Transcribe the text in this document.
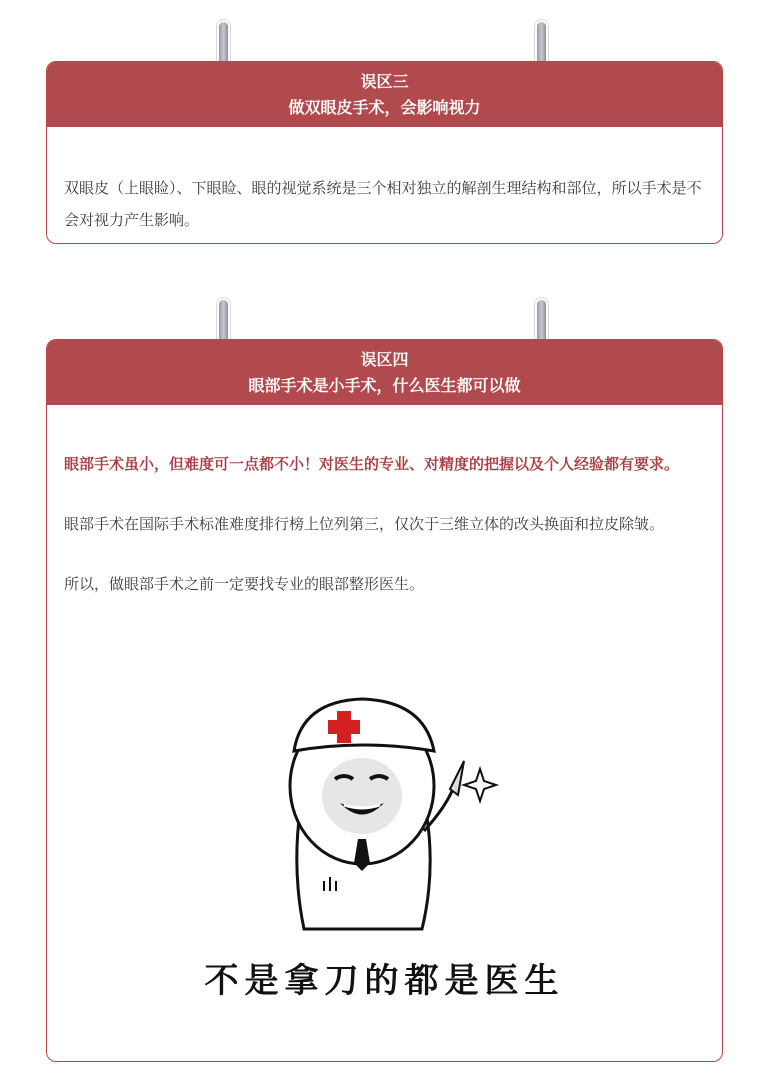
误区三
做双眼皮手术，会影响视力

双眼皮（上眼睑）、下眼睑、眼的视觉系统是三个相对独立的解剖生理结构和部位，所以手术是不会对视力产生影响。

误区四
眼部手术是小手术，什么医生都可以做

眼部手术虽小，但难度可一点都不小！对医生的专业、对精度的把握以及个人经验都有要求。

眼部手术在国际手术标准难度排行榜上位列第三，仅次于三维立体的改头换面和拉皮除皱。

所以，做眼部手术之前一定要找专业的眼部整形医生。

不是拿刀的都是医生
